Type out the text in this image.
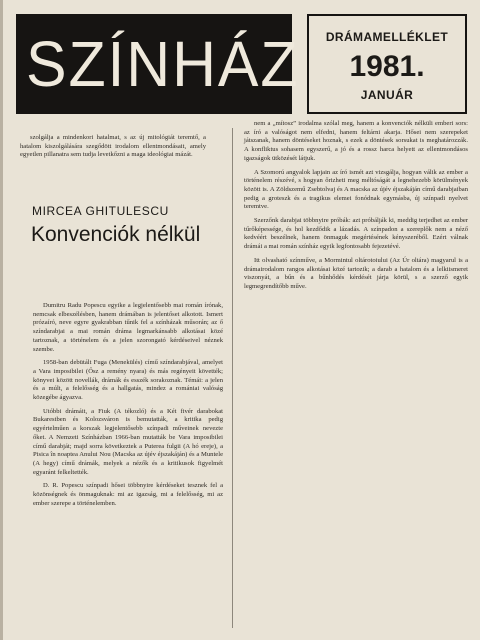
SZÍNHÁZ	DRÁMAMELLÉKLET
1981.
JANUÁR

szolgálja a mindenkori hatalmat, s az új mitológiát teremtő, a hatalom kiszolgálására szegődött irodalom ellentmondásait, amely egyetlen pillanatra sem tudja levetkőzni a maga ideológiai mázát.

MIRCEA GHITULESCU
Konvenciók nélkül

Dumitru Radu Popescu egyike a legjelentősebb mai román írónak, nemcsak elbeszélésben, hanem drámában is jelentőset alkotott. Ismert prózaíró, neve egyre gyakrabban tűnik fel a színházak műsorán; az ő színdarabjai a mai román dráma legmarkánsabb alkotásai közé tartoznak, a történelem és a jelen szorongató kérdéseivel néznek szembe.

1958-ban debütált Fuga (Menekülés) című színdarabjával, amelyet a Vara imposibilei (Ősz a remény nyara) és más regényeit követték; könyvei között novellák, drámák és esszék sorakoznak. Témái: a jelen és a múlt, a felelősség és a hallgatás, mindez a romániai valóság közegébe ágyazva.

Utóbbi drámáit, a Fiuk (A tékozló) és a Két fivér darabokat Bukarestben és Kolozsváron is bemutatták, a kritika pedig egyértelműen a korszak legjelentősebb színpadi műveinek nevezte őket. A Nemzeti Színházban 1966-ban mutatták be Vara imposibilei című darabját; majd sorra következtek a Puterea fulgii (A hó ereje), a Pisica în noaptea Anului Nou (Macska az újév éjszakáján) és a Muntele (A hegy) című drámák, melyek a nézők és a kritikusok figyelmét egyaránt felkeltették.

D. R. Popescu színpadi hősei többnyire kérdéseket tesznek fel a közönségnek és önmaguknak: mi az igazság, mi a felelősség, mi az ember szerepe a történelemben.

nem a „mítosz” irodalma szólal meg, hanem a konvenciók nélküli emberi sors: az író a valóságot nem elfedni, hanem feltárni akarja. Hősei nem szerepeket játszanak, hanem döntéseket hoznak, s ezek a döntések sorsukat is meghatározzák. A konfliktus sohasem egyszerű, a jó és a rossz harca helyett az ellentmondásos igazságok ütközését látjuk.

A Szomorú angyalok lapjain az író ismét azt vizsgálja, hogyan válik az ember a történelem részévé, s hogyan őrizheti meg méltóságát a legnehezebb körülmények között is. A Zöldszemű Zsebtolvaj és A macska az újév éjszakáján című darabjaiban pedig a groteszk és a tragikus elemei fonódnak egymásba, új színpadi nyelvet teremtve.

Szerzőnk darabjai többnyire próbák: azt próbálják ki, meddig terjedhet az ember tűrőképessége, és hol kezdődik a lázadás. A színpadon a szereplők nem a néző kedvéért beszélnek, hanem önmaguk megértésének kényszeréből. Ezért válnak drámái a mai román színház egyik legfontosabb fejezetévé.

Itt olvasható színműve, a Mormintul oltárotoiului (Az Úr oltára) magyarul is a drámairodalom rangos alkotásai közé tartozik; a darab a hatalom és a lelkiismeret viszonyát, a bűn és a bűnhődés kérdését járja körül, s a szerző egyik legmegrendítőbb műve.
